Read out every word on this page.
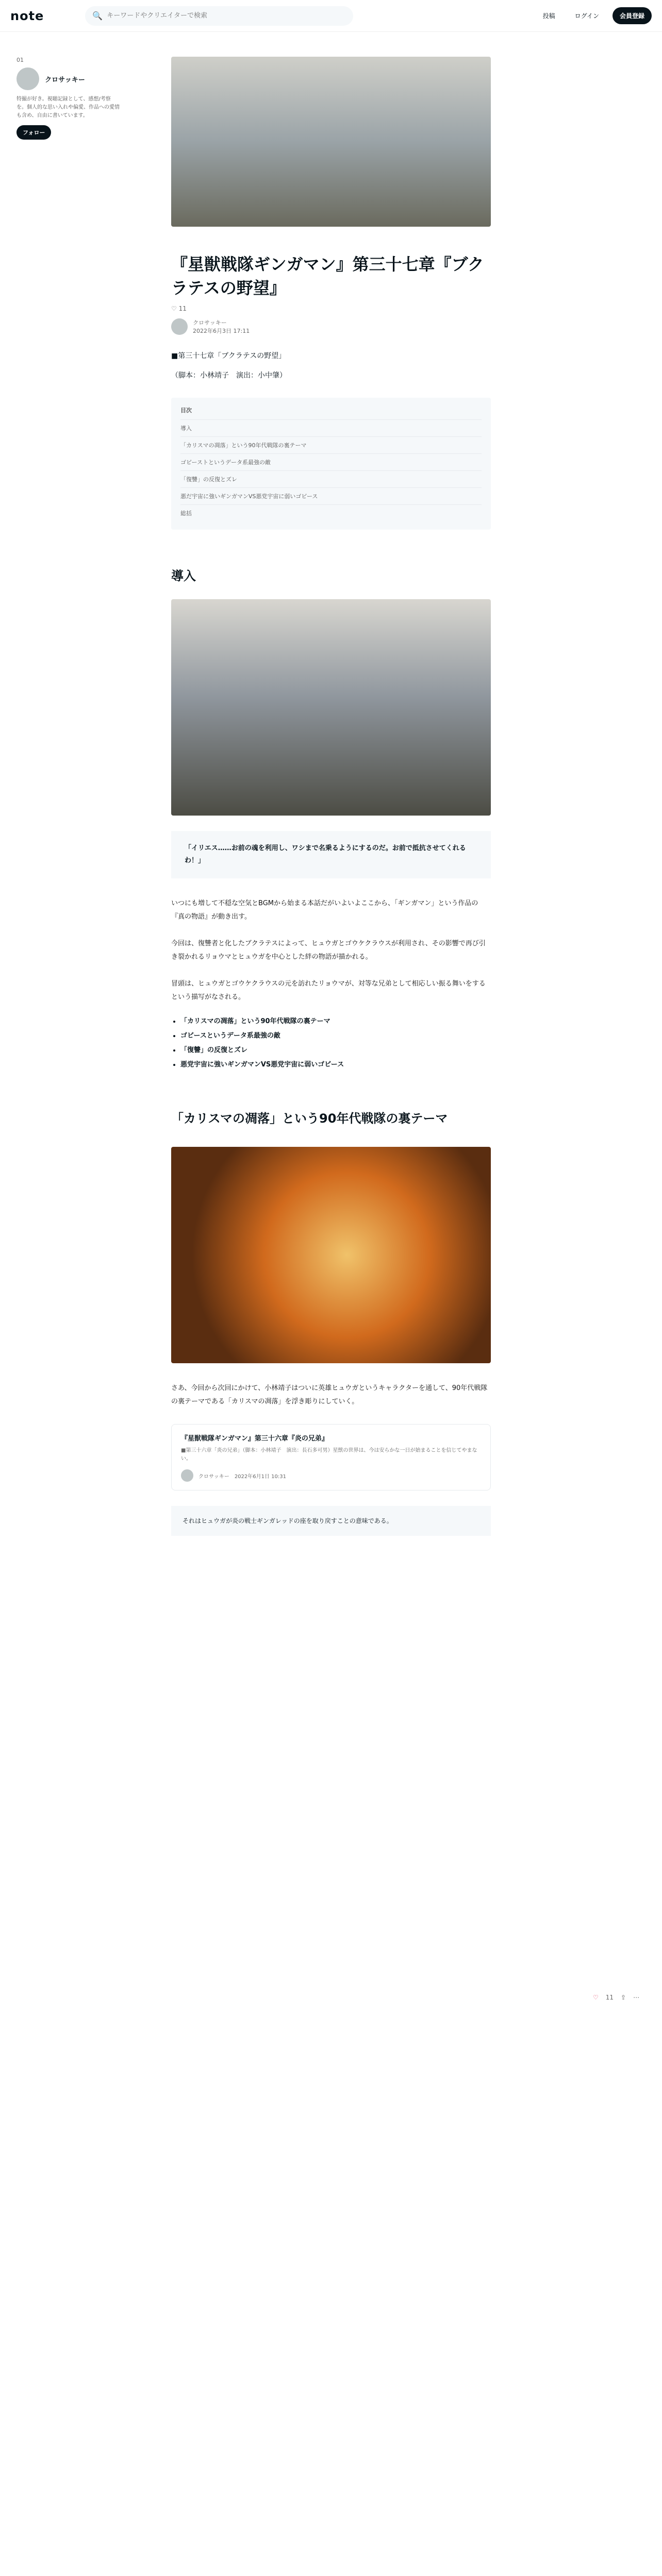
note	🔍
キーワードやクリエイターで検索	投稿	ログイン	会員登録
01
クロサッキー

特撮が好き。視聴記録として、感想/考察を。個人的な思い入れや偏愛、作品への愛情も含め、自由に書いています。

フォロー
『星獣戦隊ギンガマン』第三十七章『ブクラテスの野望』
♡ 11
クロサッキー
2022年6月3日 17:11
■第三十七章「ブクラテスの野望」
（脚本：小林靖子　演出：小中肇）
目次
導入
「カリスマの凋落」という90年代戦隊の裏テーマ
ゴビーストというデータ系最強の敵
「復讐」の反復とズレ
悪だ宇宙に強いギンガマンVS悪党宇宙に弱いゴビース
総括
導入
「イリエス……お前の魂を利用し、ワシまで名乗るようにするのだ。お前で抵抗させてくれるわ！」
いつにも増して不穏な空気とBGMから始まる本話だがいよいよここから、「ギンガマン」という作品の『真の物語』が動き出す。
今回は、復讐者と化したブクラテスによって、ヒュウガとゴウケクラウスが利用され、その影響で再び引き裂かれるリョウマとヒュウガを中心とした絆の物語が描かれる。
冒頭は、ヒュウガとゴウケクラウスの元を訪れたリョウマが、対等な兄弟として相応しい振る舞いをするという描写がなされる。
• 「カリスマの凋落」という90年代戦隊の裏テーマ
• ゴビースというデータ系最強の敵
• 「復讐」の反復とズレ
• 悪党宇宙に強いギンガマンVS悪党宇宙に弱いゴビース
「カリスマの凋落」という90年代戦隊の裏テーマ
さあ、今回から次回にかけて、小林靖子はついに英雄ヒュウガというキャラクターを通して、90年代戦隊の裏テーマである「カリスマの凋落」を浮き彫りにしていく。
『星獣戦隊ギンガマン』第三十六章『炎の兄弟』
■第三十六章「炎の兄弟」（脚本：小林靖子　演出：長石多可男）星獣の世界は、今は安らかな一日が始まることを信じてやまない。
クロサッキー 2022年6月1日 10:31
それはヒュウガが炎の戦士ギンガレッドの座を取り戻すことの意味である。
♡ 11 ⇪ ⋯
